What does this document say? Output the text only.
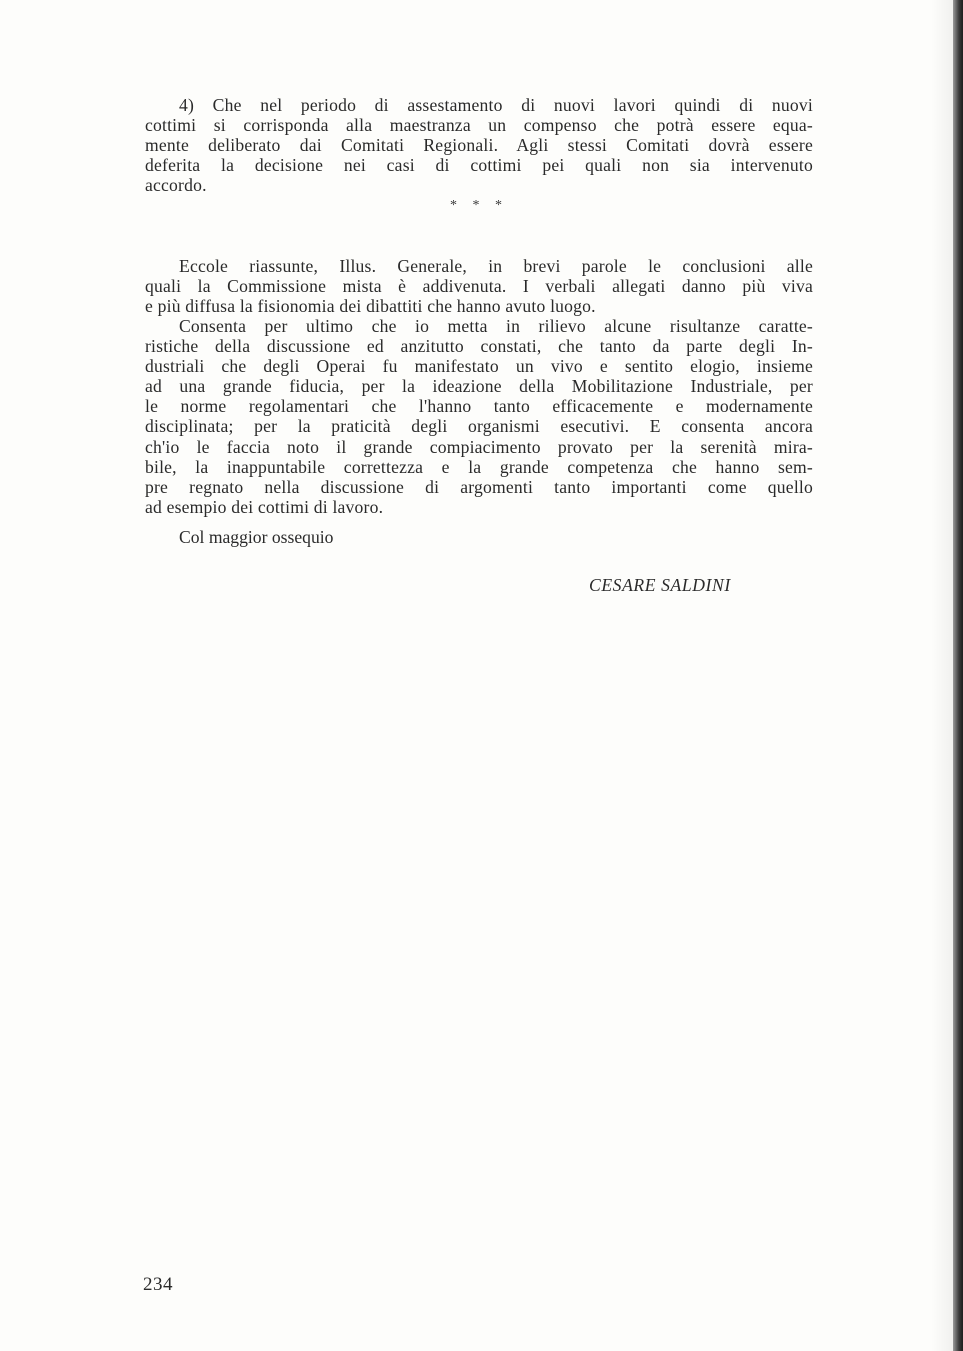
4) Che nel periodo di assestamento di nuovi lavori quindi di nuovi
cottimi si corrisponda alla maestranza un compenso che potrà essere equa-
mente deliberato dai Comitati Regionali. Agli stessi Comitati dovrà essere
deferita la decisione nei casi di cottimi pei quali non sia intervenuto
accordo.
* * *
Eccole riassunte, Illus. Generale, in brevi parole le conclusioni alle
quali la Commissione mista è addivenuta. I verbali allegati danno più viva
e più diffusa la fisionomia dei dibattiti che hanno avuto luogo.
Consenta per ultimo che io metta in rilievo alcune risultanze caratte-
ristiche della discussione ed anzitutto constati, che tanto da parte degli In-
dustriali che degli Operai fu manifestato un vivo e sentito elogio, insieme
ad una grande fiducia, per la ideazione della Mobilitazione Industriale, per
le norme regolamentari che l'hanno tanto efficacemente e modernamente
disciplinata; per la praticità degli organismi esecutivi. E consenta ancora
ch'io le faccia noto il grande compiacimento provato per la serenità mira-
bile, la inappuntabile correttezza e la grande competenza che hanno sem-
pre regnato nella discussione di argomenti tanto importanti come quello
ad esempio dei cottimi di lavoro.
Col maggior ossequio
CESARE SALDINI
234
